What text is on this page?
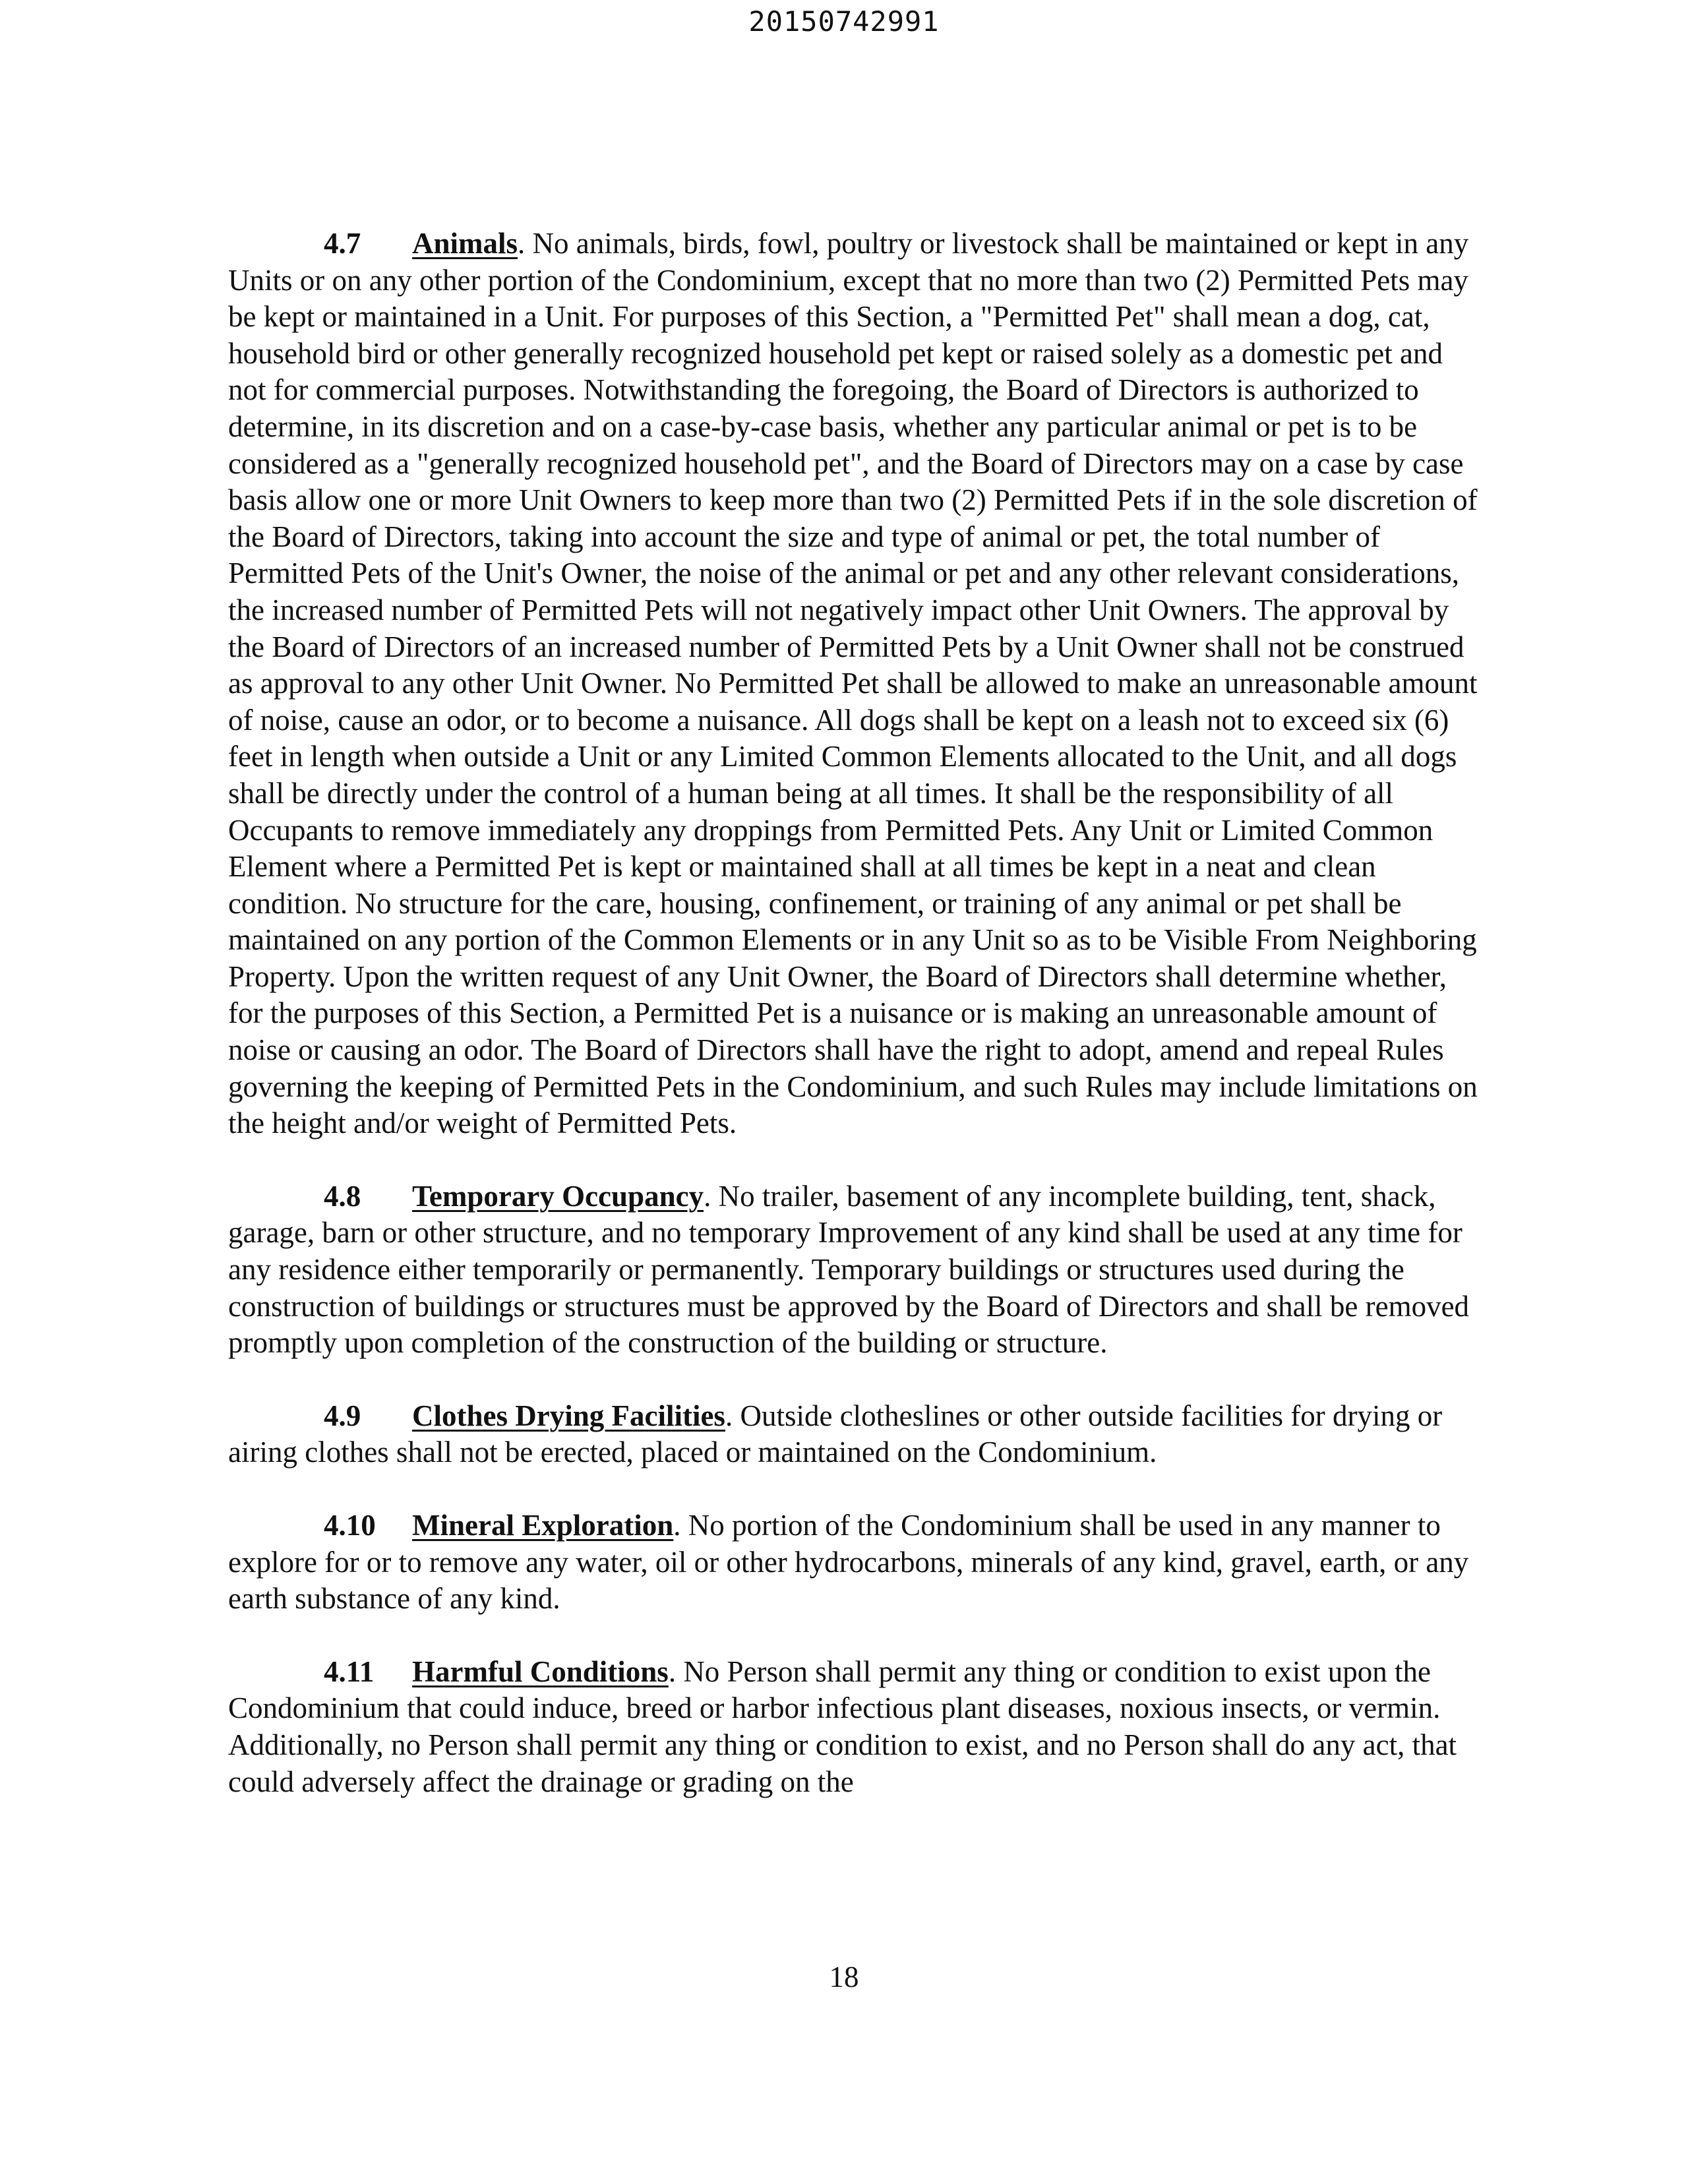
20150742991

4.7 Animals. No animals, birds, fowl, poultry or livestock shall be maintained or kept in any Units or on any other portion of the Condominium, except that no more than two (2) Permitted Pets may be kept or maintained in a Unit. For purposes of this Section, a "Permitted Pet" shall mean a dog, cat, household bird or other generally recognized household pet kept or raised solely as a domestic pet and not for commercial purposes. Notwithstanding the foregoing, the Board of Directors is authorized to determine, in its discretion and on a case-by-case basis, whether any particular animal or pet is to be considered as a "generally recognized household pet", and the Board of Directors may on a case by case basis allow one or more Unit Owners to keep more than two (2) Permitted Pets if in the sole discretion of the Board of Directors, taking into account the size and type of animal or pet, the total number of Permitted Pets of the Unit's Owner, the noise of the animal or pet and any other relevant considerations, the increased number of Permitted Pets will not negatively impact other Unit Owners. The approval by the Board of Directors of an increased number of Permitted Pets by a Unit Owner shall not be construed as approval to any other Unit Owner. No Permitted Pet shall be allowed to make an unreasonable amount of noise, cause an odor, or to become a nuisance. All dogs shall be kept on a leash not to exceed six (6) feet in length when outside a Unit or any Limited Common Elements allocated to the Unit, and all dogs shall be directly under the control of a human being at all times. It shall be the responsibility of all Occupants to remove immediately any droppings from Permitted Pets. Any Unit or Limited Common Element where a Permitted Pet is kept or maintained shall at all times be kept in a neat and clean condition. No structure for the care, housing, confinement, or training of any animal or pet shall be maintained on any portion of the Common Elements or in any Unit so as to be Visible From Neighboring Property. Upon the written request of any Unit Owner, the Board of Directors shall determine whether, for the purposes of this Section, a Permitted Pet is a nuisance or is making an unreasonable amount of noise or causing an odor. The Board of Directors shall have the right to adopt, amend and repeal Rules governing the keeping of Permitted Pets in the Condominium, and such Rules may include limitations on the height and/or weight of Permitted Pets.

4.8 Temporary Occupancy. No trailer, basement of any incomplete building, tent, shack, garage, barn or other structure, and no temporary Improvement of any kind shall be used at any time for any residence either temporarily or permanently. Temporary buildings or structures used during the construction of buildings or structures must be approved by the Board of Directors and shall be removed promptly upon completion of the construction of the building or structure.

4.9 Clothes Drying Facilities. Outside clotheslines or other outside facilities for drying or airing clothes shall not be erected, placed or maintained on the Condominium.

4.10 Mineral Exploration. No portion of the Condominium shall be used in any manner to explore for or to remove any water, oil or other hydrocarbons, minerals of any kind, gravel, earth, or any earth substance of any kind.

4.11 Harmful Conditions. No Person shall permit any thing or condition to exist upon the Condominium that could induce, breed or harbor infectious plant diseases, noxious insects, or vermin. Additionally, no Person shall permit any thing or condition to exist, and no Person shall do any act, that could adversely affect the drainage or grading on the

18
